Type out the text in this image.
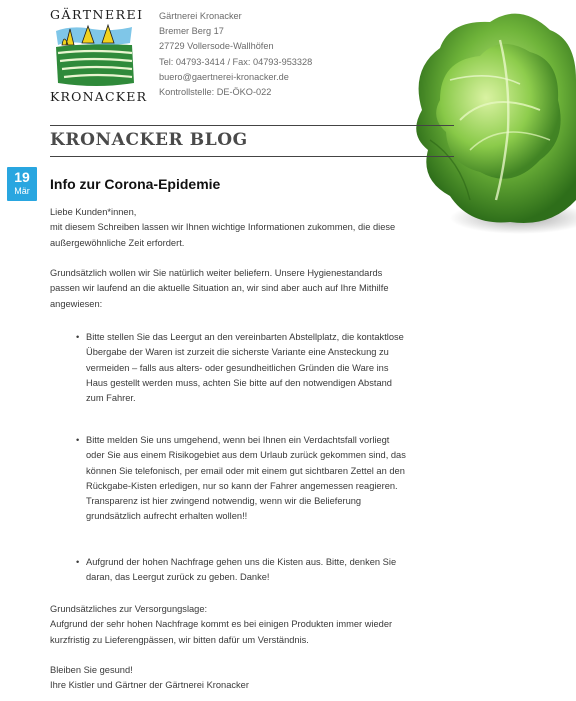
GÄRTNEREI
KRONACKER
Gärtnerei Kronacker
Bremer Berg 17
27729 Vollersode-Wallhöfen
Tel: 04793-3414 / Fax: 04793-953328
buero@gaertnerei-kronacker.de
Kontrollstelle: DE-ÖKO-022
KRONACKER BLOG
19
Mär	Info zur Corona-Epidemie
Liebe Kunden*innen,
mit diesem Schreiben lassen wir Ihnen wichtige Informationen zukommen, die diese
außergewöhnliche Zeit erfordert.
Grundsätzlich wollen wir Sie natürlich weiter beliefern. Unsere Hygienestandards
passen wir laufend an die aktuelle Situation an, wir sind aber auch auf Ihre Mithilfe
angewiesen:
• Bitte stellen Sie das Leergut an den vereinbarten Abstellplatz, die kontaktlose
Übergabe der Waren ist zurzeit die sicherste Variante eine Ansteckung zu
vermeiden – falls aus alters- oder gesundheitlichen Gründen die Ware ins
Haus gestellt werden muss, achten Sie bitte auf den notwendigen Abstand
zum Fahrer.
• Bitte melden Sie uns umgehend, wenn bei Ihnen ein Verdachtsfall vorliegt
oder Sie aus einem Risikogebiet aus dem Urlaub zurück gekommen sind, das
können Sie telefonisch, per email oder mit einem gut sichtbaren Zettel an den
Rückgabe-Kisten erledigen, nur so kann der Fahrer angemessen reagieren.
Transparenz ist hier zwingend notwendig, wenn wir die Belieferung
grundsätzlich aufrecht erhalten wollen!!
• Aufgrund der hohen Nachfrage gehen uns die Kisten aus. Bitte, denken Sie
daran, das Leergut zurück zu geben. Danke!
Grundsätzliches zur Versorgungslage:
Aufgrund der sehr hohen Nachfrage kommt es bei einigen Produkten immer wieder
kurzfristig zu Lieferengpässen, wir bitten dafür um Verständnis.
Bleiben Sie gesund!
Ihre Kistler und Gärtner der Gärtnerei Kronacker
